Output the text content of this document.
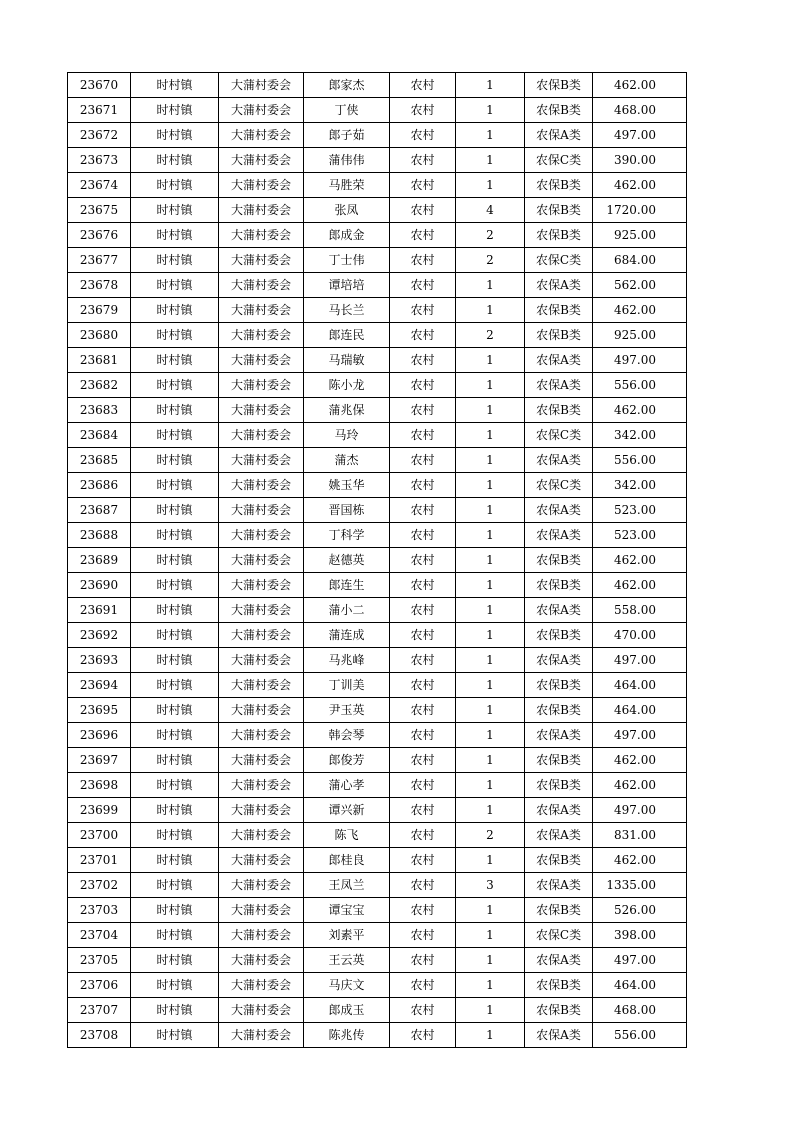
23670	时村镇	大蒲村委会	郎家杰	农村	1	农保B类	462.00
23671	时村镇	大蒲村委会	丁侠	农村	1	农保B类	468.00
23672	时村镇	大蒲村委会	郎子茹	农村	1	农保A类	497.00
23673	时村镇	大蒲村委会	蒲伟伟	农村	1	农保C类	390.00
23674	时村镇	大蒲村委会	马胜荣	农村	1	农保B类	462.00
23675	时村镇	大蒲村委会	张凤	农村	4	农保B类	1720.00
23676	时村镇	大蒲村委会	郎成金	农村	2	农保B类	925.00
23677	时村镇	大蒲村委会	丁士伟	农村	2	农保C类	684.00
23678	时村镇	大蒲村委会	谭培培	农村	1	农保A类	562.00
23679	时村镇	大蒲村委会	马长兰	农村	1	农保B类	462.00
23680	时村镇	大蒲村委会	郎连民	农村	2	农保B类	925.00
23681	时村镇	大蒲村委会	马瑞敏	农村	1	农保A类	497.00
23682	时村镇	大蒲村委会	陈小龙	农村	1	农保A类	556.00
23683	时村镇	大蒲村委会	蒲兆保	农村	1	农保B类	462.00
23684	时村镇	大蒲村委会	马玲	农村	1	农保C类	342.00
23685	时村镇	大蒲村委会	蒲杰	农村	1	农保A类	556.00
23686	时村镇	大蒲村委会	姚玉华	农村	1	农保C类	342.00
23687	时村镇	大蒲村委会	晋国栋	农村	1	农保A类	523.00
23688	时村镇	大蒲村委会	丁科学	农村	1	农保A类	523.00
23689	时村镇	大蒲村委会	赵德英	农村	1	农保B类	462.00
23690	时村镇	大蒲村委会	郎连生	农村	1	农保B类	462.00
23691	时村镇	大蒲村委会	蒲小二	农村	1	农保A类	558.00
23692	时村镇	大蒲村委会	蒲连成	农村	1	农保B类	470.00
23693	时村镇	大蒲村委会	马兆峰	农村	1	农保A类	497.00
23694	时村镇	大蒲村委会	丁训美	农村	1	农保B类	464.00
23695	时村镇	大蒲村委会	尹玉英	农村	1	农保B类	464.00
23696	时村镇	大蒲村委会	韩会琴	农村	1	农保A类	497.00
23697	时村镇	大蒲村委会	郎俊芳	农村	1	农保B类	462.00
23698	时村镇	大蒲村委会	蒲心孝	农村	1	农保B类	462.00
23699	时村镇	大蒲村委会	谭兴新	农村	1	农保A类	497.00
23700	时村镇	大蒲村委会	陈飞	农村	2	农保A类	831.00
23701	时村镇	大蒲村委会	郎桂良	农村	1	农保B类	462.00
23702	时村镇	大蒲村委会	王凤兰	农村	3	农保A类	1335.00
23703	时村镇	大蒲村委会	谭宝宝	农村	1	农保B类	526.00
23704	时村镇	大蒲村委会	刘素平	农村	1	农保C类	398.00
23705	时村镇	大蒲村委会	王云英	农村	1	农保A类	497.00
23706	时村镇	大蒲村委会	马庆文	农村	1	农保B类	464.00
23707	时村镇	大蒲村委会	郎成玉	农村	1	农保B类	468.00
23708	时村镇	大蒲村委会	陈兆传	农村	1	农保A类	556.00
